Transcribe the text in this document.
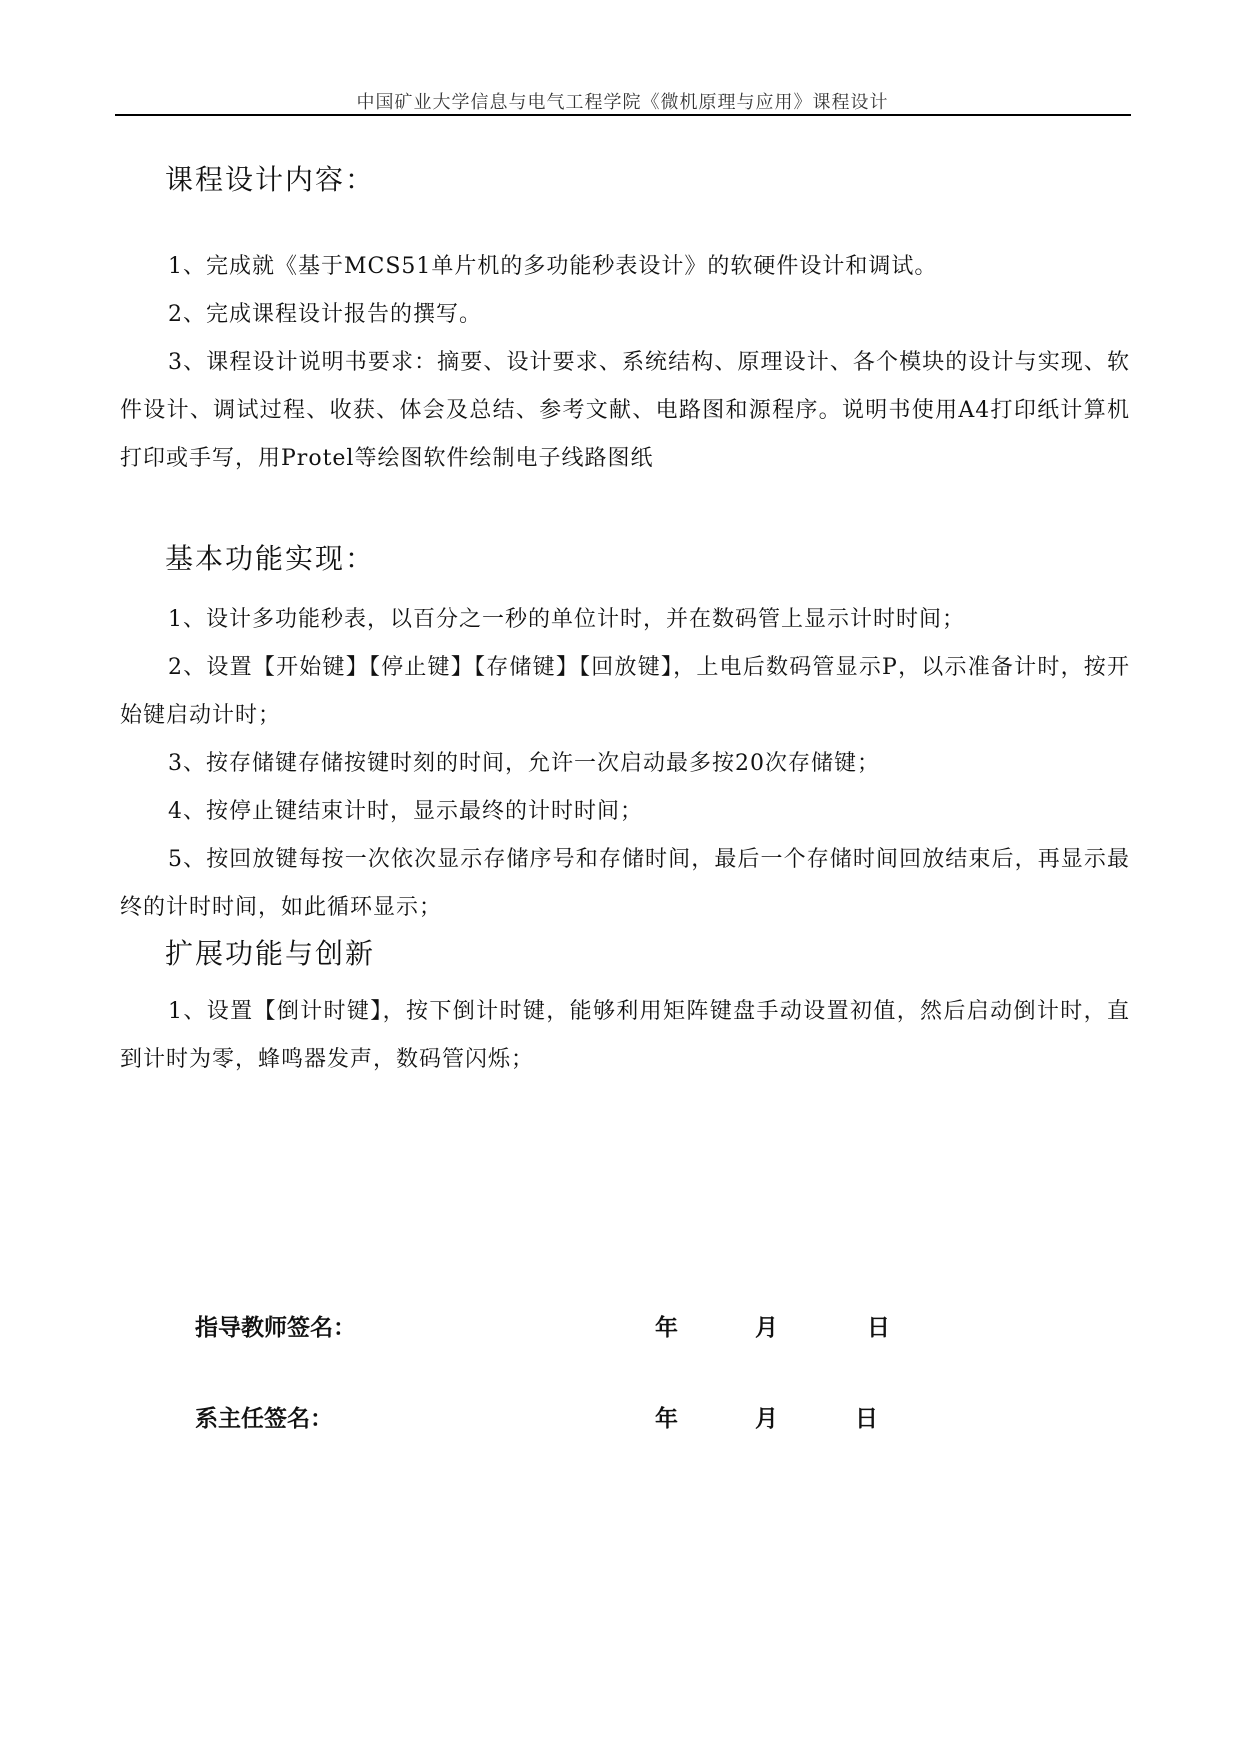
中国矿业大学信息与电气工程学院《微机原理与应用》课程设计
课程设计内容：
1、完成就《基于MCS51单片机的多功能秒表设计》的软硬件设计和调试。
2、完成课程设计报告的撰写。
3、课程设计说明书要求：摘要、设计要求、系统结构、原理设计、各个模块的设计与实现、软件设计、调试过程、收获、体会及总结、参考文献、电路图和源程序。说明书使用A4打印纸计算机打印或手写，用Protel等绘图软件绘制电子线路图纸
基本功能实现：
1、设计多功能秒表，以百分之一秒的单位计时，并在数码管上显示计时时间；
2、设置【开始键】【停止键】【存储键】【回放键】，上电后数码管显示P，以示准备计时，按开始键启动计时；
3、按存储键存储按键时刻的时间，允许一次启动最多按20次存储键；
4、按停止键结束计时，显示最终的计时时间；
5、按回放键每按一次依次显示存储序号和存储时间，最后一个存储时间回放结束后，再显示最终的计时时间，如此循环显示；
扩展功能与创新
1、设置【倒计时键】，按下倒计时键，能够利用矩阵键盘手动设置初值，然后启动倒计时，直到计时为零，蜂鸣器发声，数码管闪烁；
指导教师签名：	年	月	日
系主任签名：	年	月	日
